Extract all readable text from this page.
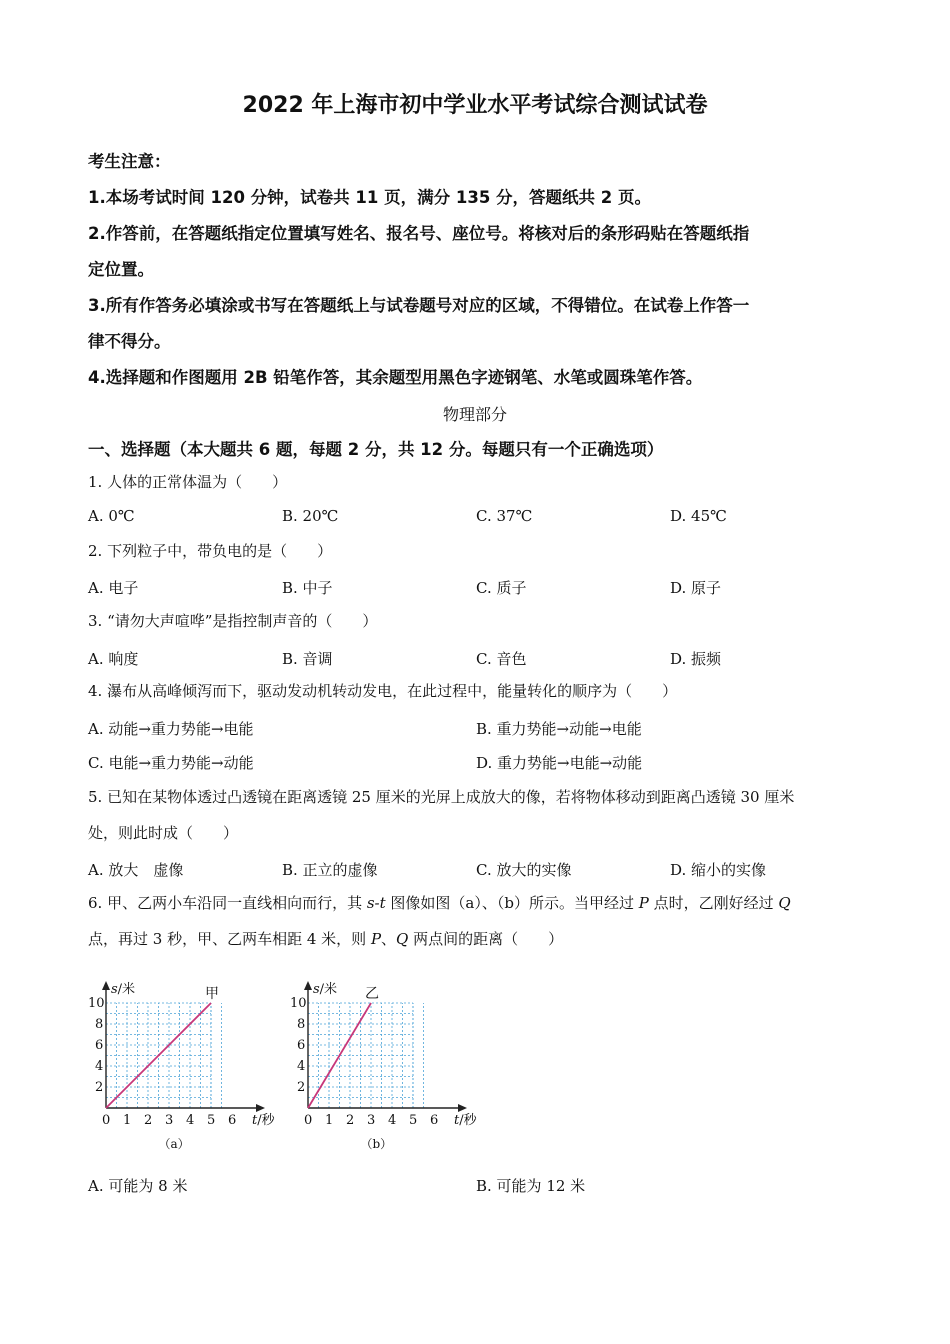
2022 年上海市初中学业水平考试综合测试试卷
考生注意：
1.本场考试时间 120 分钟，试卷共 11 页，满分 135 分，答题纸共 2 页。
2.作答前，在答题纸指定位置填写姓名、报名号、座位号。将核对后的条形码贴在答题纸指
定位置。
3.所有作答务必填涂或书写在答题纸上与试卷题号对应的区域，不得错位。在试卷上作答一
律不得分。
4.选择题和作图题用 2B 铅笔作答，其余题型用黑色字迹钢笔、水笔或圆珠笔作答。
物理部分
一、选择题（本大题共 6 题，每题 2 分，共 12 分。每题只有一个正确选项）
1. 人体的正常体温为（　　）
A. 0℃	B. 20℃	C. 37℃	D. 45℃
2. 下列粒子中，带负电的是（　　）
A. 电子	B. 中子	C. 质子	D. 原子
3. “请勿大声喧哗”是指控制声音的（　　）
A. 响度	B. 音调	C. 音色	D. 振频
4. 瀑布从高峰倾泻而下，驱动发动机转动发电，在此过程中，能量转化的顺序为（　　）
A. 动能→重力势能→电能	B. 重力势能→动能→电能
C. 电能→重力势能→动能	D. 重力势能→电能→动能
5. 已知在某物体透过凸透镜在距离透镜 25 厘米的光屏上成放大的像，若将物体移动到距离凸透镜 30 厘米
处，则此时成（　　）
A. 放大　虚像	B. 正立的虚像	C. 放大的实像	D. 缩小的实像
6. 甲、乙两小车沿同一直线相向而行，其 s-t 图像如图（a）、（b）所示。当甲经过 P 点时，乙刚好经过 Q
点，再过 3 秒，甲、乙两车相距 4 米，则 P、Q 两点间的距离（　　）
0 1 2 3 4 5 6
2
4
6
8
10
t/秒
s/米	甲
（a）
0 1 2 3 4 5 6
2
4
6
8
10
t/秒
s/米 乙
（b）
A. 可能为 8 米	B. 可能为 12 米
